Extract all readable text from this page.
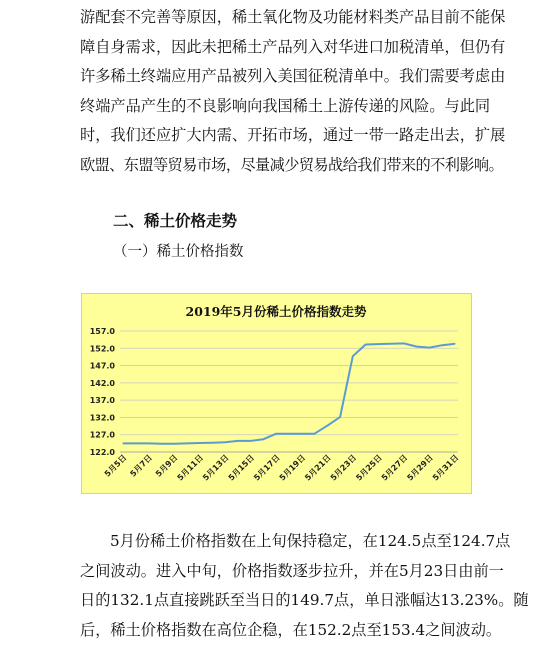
游配套不完善等原因，稀土氧化物及功能材料类产品目前不能保
障自身需求，因此未把稀土产品列入对华进口加税清单，但仍有
许多稀土终端应用产品被列入美国征税清单中。我们需要考虑由
终端产品产生的不良影响向我国稀土上游传递的风险。与此同
时，我们还应扩大内需、开拓市场，通过一带一路走出去，扩展
欧盟、东盟等贸易市场，尽量减少贸易战给我们带来的不利影响。
二、稀土价格走势
（一）稀土价格指数
2019年5月份稀土价格指数走势
122.0
127.0
132.0
137.0
142.0
147.0
152.0
157.0
5月5日 5月7日 5月9日
5月11日
5月13日
5月15日
5月17日
5月19日
5月21日
5月23日
5月25日
5月27日
5月29日
5月31日
5月份稀土价格指数在上旬保持稳定，在124.5点至124.7点
之间波动。进入中旬，价格指数逐步拉升，并在5月23日由前一
日的132.1点直接跳跃至当日的149.7点，单日涨幅达13.23%。随
后，稀土价格指数在高位企稳，在152.2点至153.4之间波动。
